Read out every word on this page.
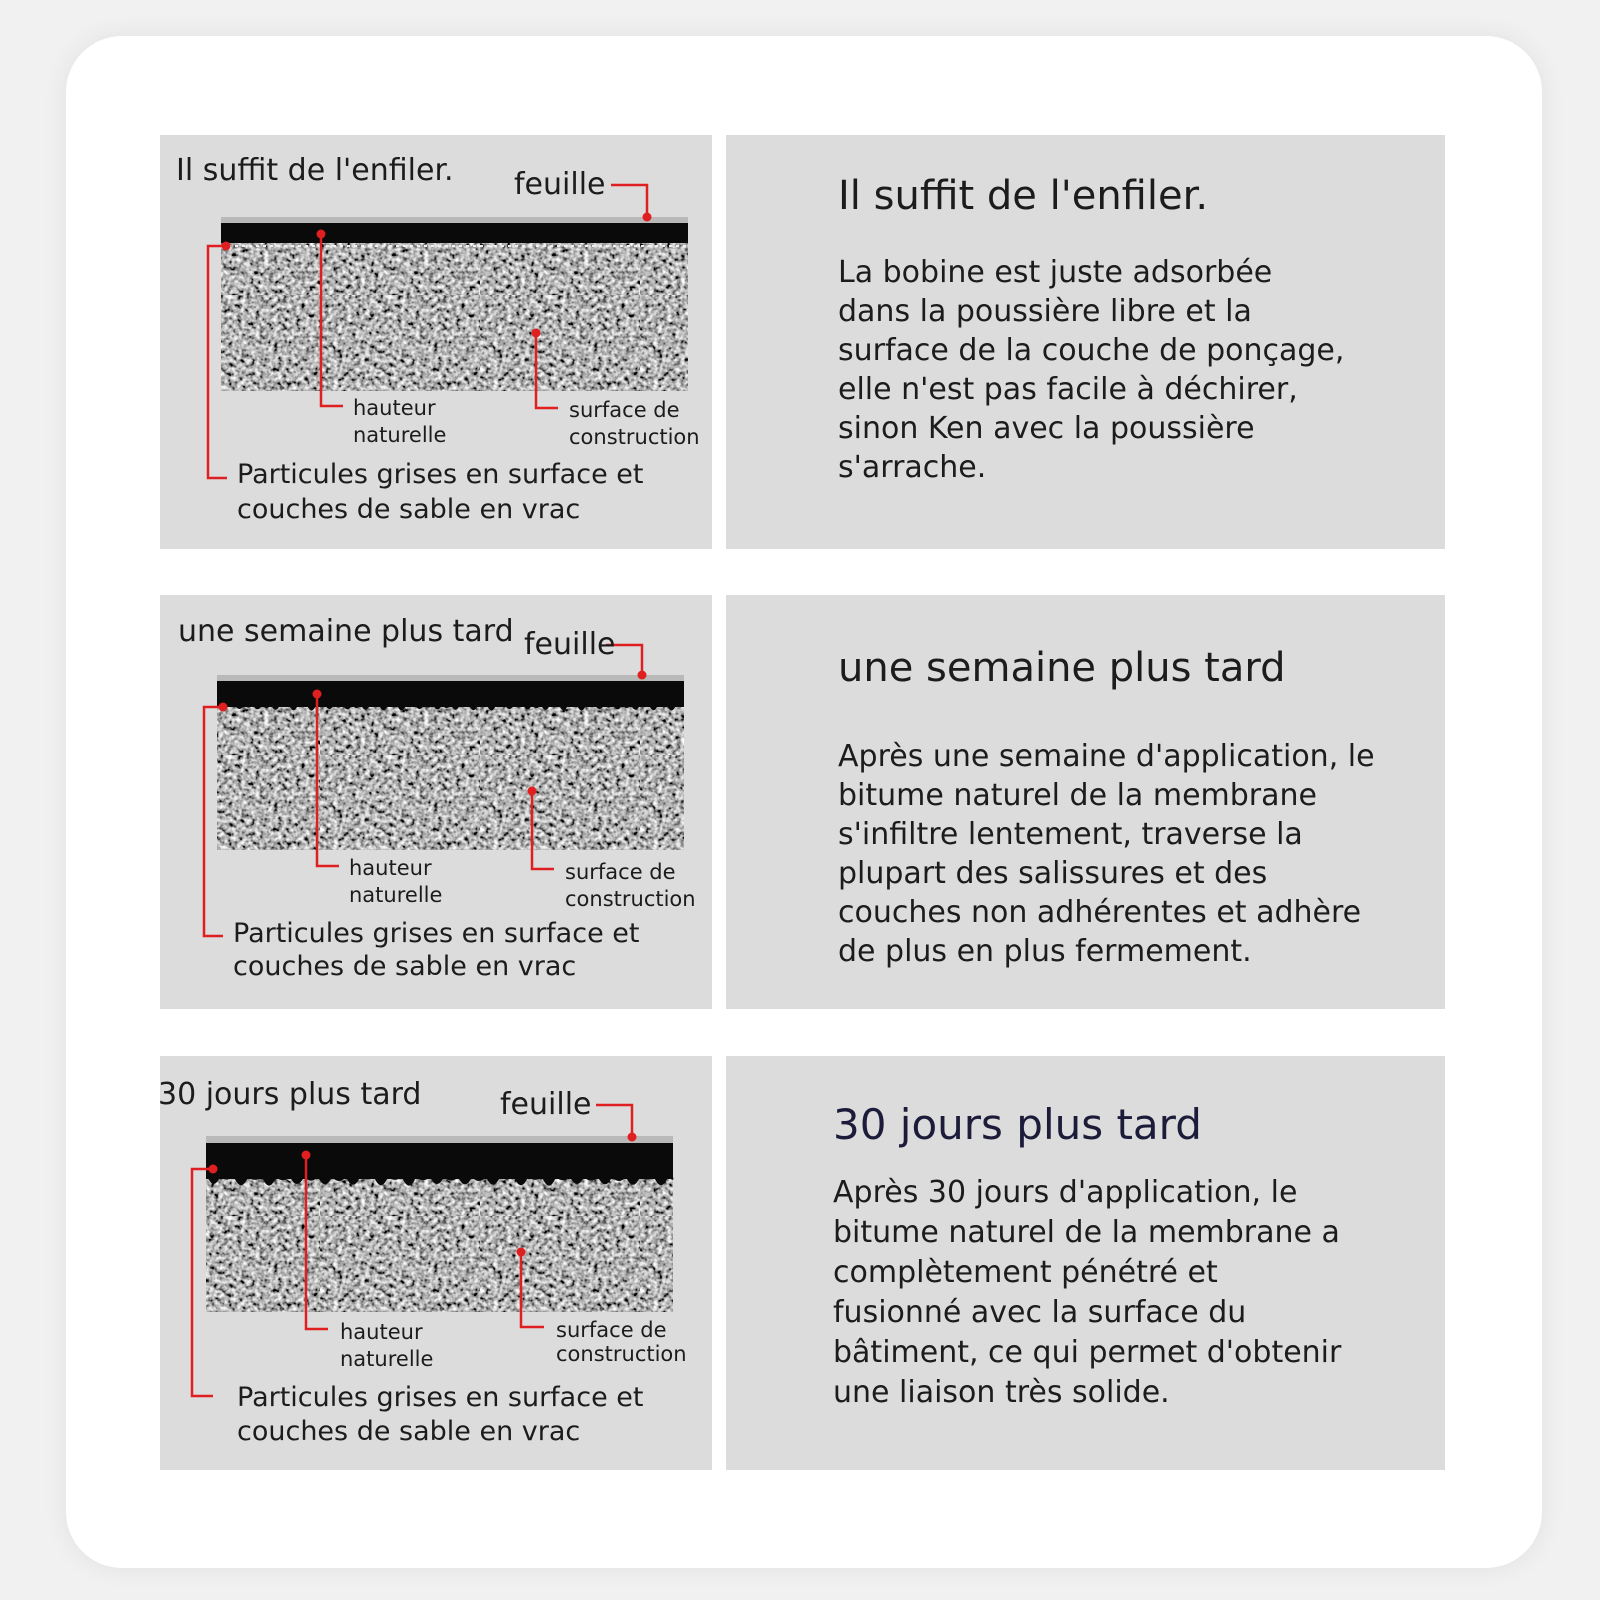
Il suffit de l'enfiler. feuille
hauteur
naturelle
surface de
construction
Particules grises en surface et
couches de sable en vrac
Il suffit de l'enfiler.
La bobine est juste adsorbée
dans la poussière libre et la
surface de la couche de ponçage,
elle n'est pas facile à déchirer,
sinon Ken avec la poussière
s'arrache.
une semaine plus tard feuille
hauteur
naturelle
surface de
construction
Particules grises en surface et
couches de sable en vrac
une semaine plus tard
Après une semaine d'application, le
bitume naturel de la membrane
s'infiltre lentement, traverse la
plupart des salissures et des
couches non adhérentes et adhère
de plus en plus fermement.
30 jours plus tard	feuille
hauteur
naturelle
surface de
construction
Particules grises en surface et
couches de sable en vrac
30 jours plus tard
Après 30 jours d'application, le
bitume naturel de la membrane a
complètement pénétré et
fusionné avec la surface du
bâtiment, ce qui permet d'obtenir
une liaison très solide.
